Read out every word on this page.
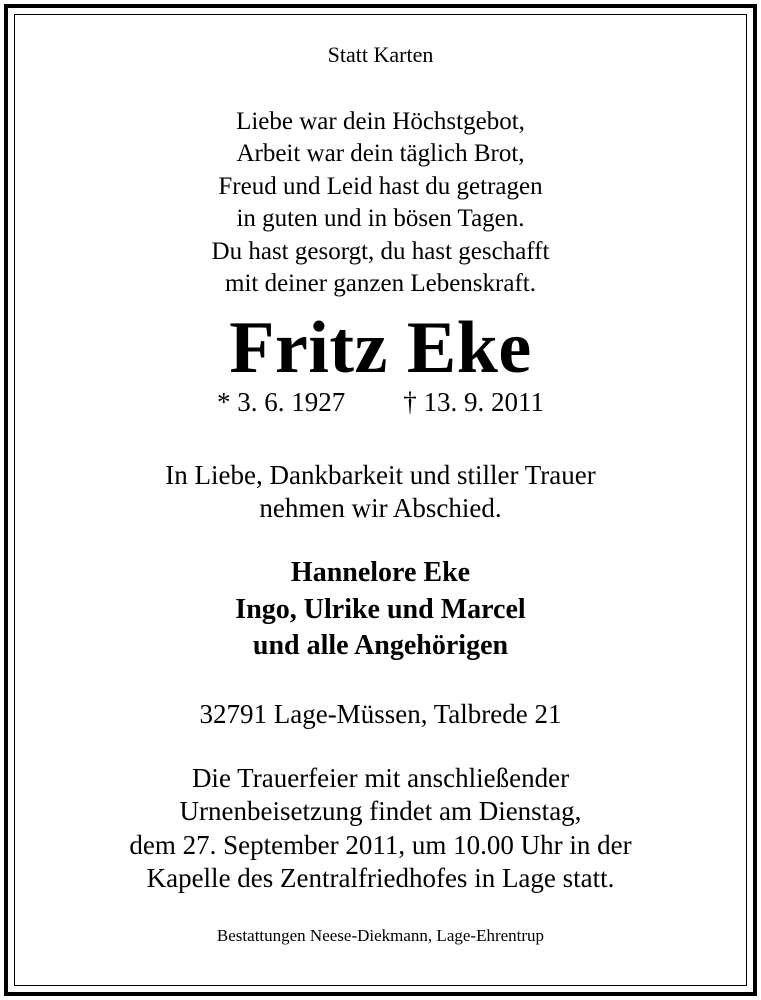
Statt Karten
Liebe war dein Höchstgebot,
Arbeit war dein täglich Brot,
Freud und Leid hast du getragen
in guten und in bösen Tagen.
Du hast gesorgt, du hast geschafft
mit deiner ganzen Lebenskraft.
Fritz Eke
* 3. 6. 1927 † 13. 9. 2011
In Liebe, Dankbarkeit und stiller Trauer
nehmen wir Abschied.
Hannelore Eke
Ingo, Ulrike und Marcel
und alle Angehörigen
32791 Lage-Müssen, Talbrede 21
Die Trauerfeier mit anschließender
Urnenbeisetzung findet am Dienstag,
dem 27. September 2011, um 10.00 Uhr in der
Kapelle des Zentralfriedhofes in Lage statt.
Bestattungen Neese-Diekmann, Lage-Ehrentrup
